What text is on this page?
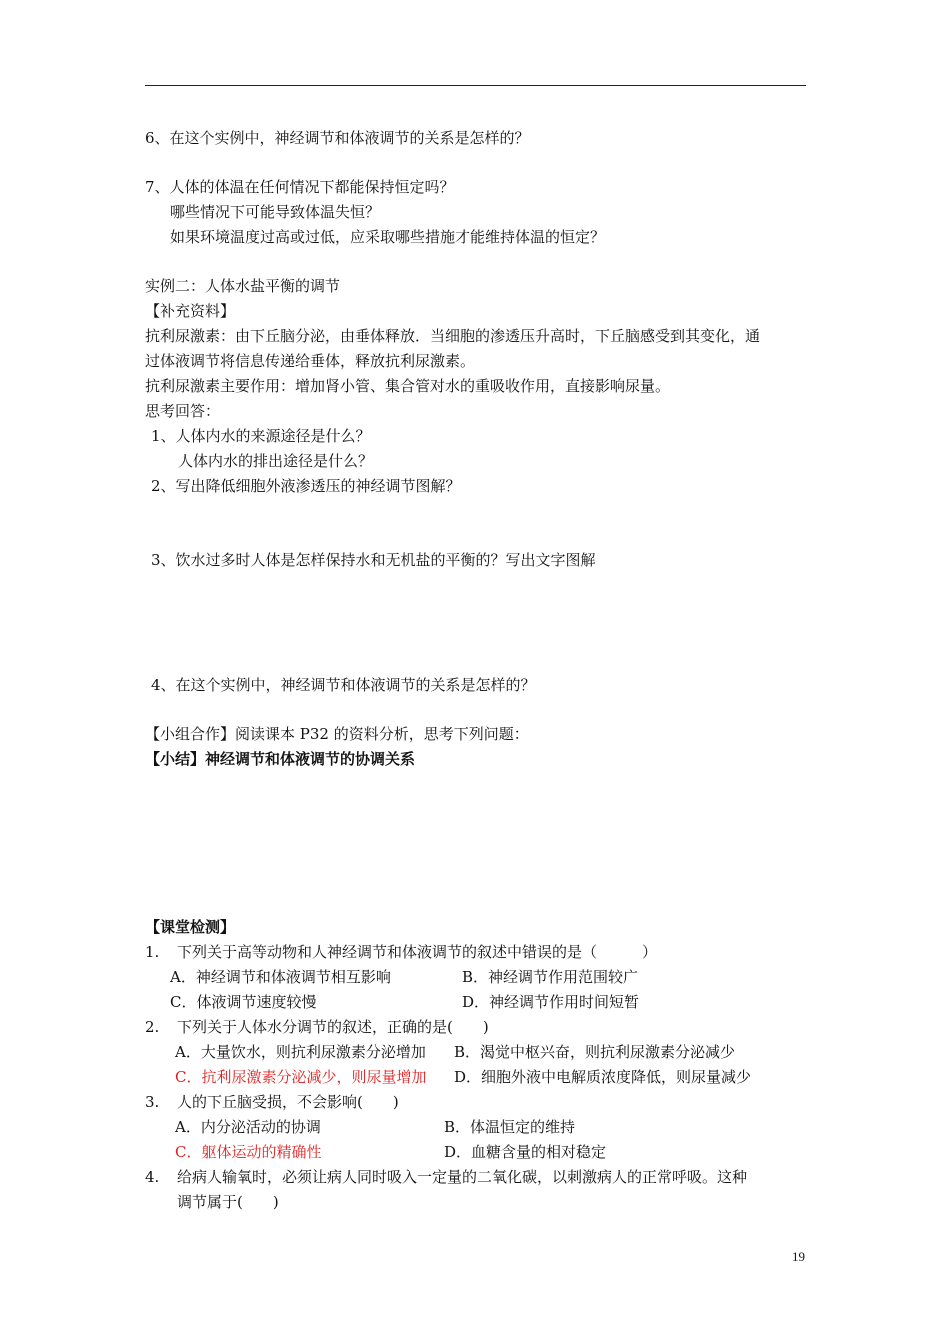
6、在这个实例中，神经调节和体液调节的关系是怎样的？
7、人体的体温在任何情况下都能保持恒定吗？
哪些情况下可能导致体温失恒？
如果环境温度过高或过低，应采取哪些措施才能维持体温的恒定？
实例二：人体水盐平衡的调节
【补充资料】
抗利尿激素：由下丘脑分泌，由垂体释放．当细胞的渗透压升高时，下丘脑感受到其变化，通
过体液调节将信息传递给垂体，释放抗利尿激素。
抗利尿激素主要作用：增加肾小管、集合管对水的重吸收作用，直接影响尿量。
思考回答：
1、人体内水的来源途径是什么？
人体内水的排出途径是什么？
2、写出降低细胞外液渗透压的神经调节图解？
3、饮水过多时人体是怎样保持水和无机盐的平衡的？写出文字图解
4、在这个实例中，神经调节和体液调节的关系是怎样的？
【小组合作】阅读课本 P32 的资料分析，思考下列问题：
【小结】神经调节和体液调节的协调关系
【课堂检测】
1. 下列关于高等动物和人神经调节和体液调节的叙述中错误的是（　　　）
A．神经调节和体液调节相互影响	B．神经调节作用范围较广
C．体液调节速度较慢	D．神经调节作用时间短暂
2. 下列关于人体水分调节的叙述，正确的是(　　)
A．大量饮水，则抗利尿激素分泌增加 B．渴觉中枢兴奋，则抗利尿激素分泌减少
C．抗利尿激素分泌减少，则尿量增加 D．细胞外液中电解质浓度降低，则尿量减少
3. 人的下丘脑受损，不会影响(　　)
A．内分泌活动的协调	B．体温恒定的维持
C．躯体运动的精确性	D．血糖含量的相对稳定
4. 给病人输氧时，必须让病人同时吸入一定量的二氧化碳，以刺激病人的正常呼吸。这种
调节属于(　　)
19
